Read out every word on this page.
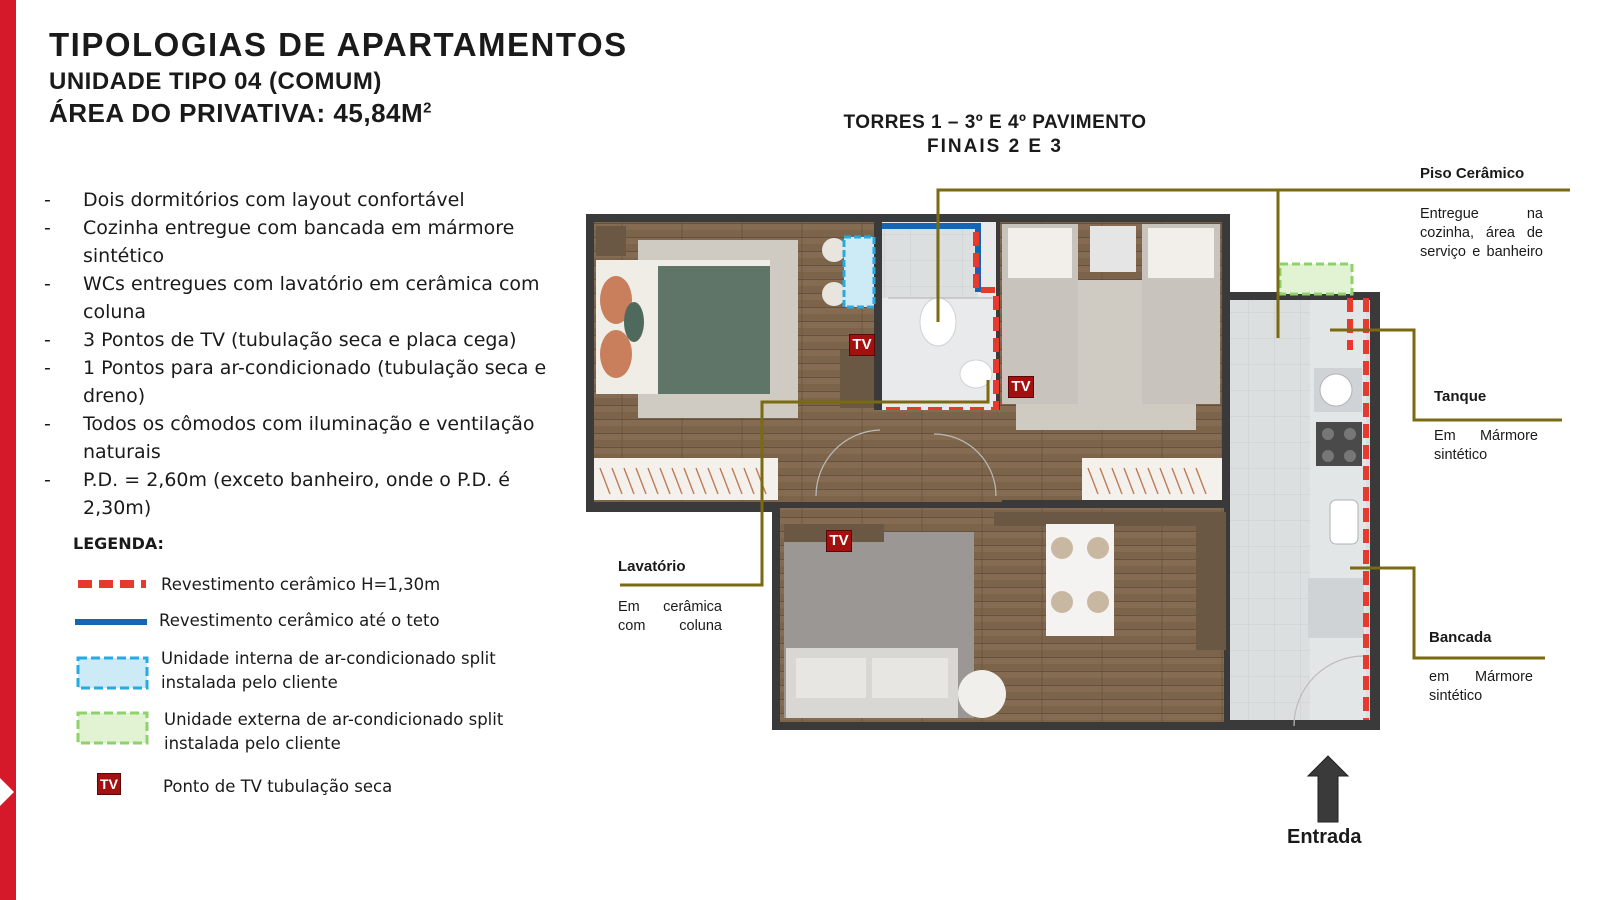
TIPOLOGIAS DE APARTAMENTOS
UNIDADE TIPO 04 (COMUM)
ÁREA DO PRIVATIVA: $45,84M^2$
- Dois dormitórios com layout confortável
- Cozinha entregue com bancada em mármore sintético
- WCs entregues com lavatório em cerâmica com coluna
- 3 Pontos de TV (tubulação seca e placa cega)
- 1 Pontos para ar-condicionado (tubulação seca e dreno)
- Todos os cômodos com iluminação e ventilação naturais
- P.D. = 2,60m (exceto banheiro, onde o P.D. é 2,30m)
LEGENDA:
Revestimento cerâmico H=1,30m
Revestimento cerâmico até o teto
Unidade interna de ar-condicionado split instalada pelo cliente
Unidade externa de ar-condicionado split instalada pelo cliente
TV	Ponto de TV tubulação seca
TORRES 1 – 3º E 4º PAVIMENTO
FINAIS 2 E 3
TV
TV
TV
Piso Cerâmico
Entregue na cozinha, área de serviço e banheiro
Tanque
Em Mármore sintético
Bancada
em Mármore sintético
Lavatório
Em cerâmica com coluna
Entrada
